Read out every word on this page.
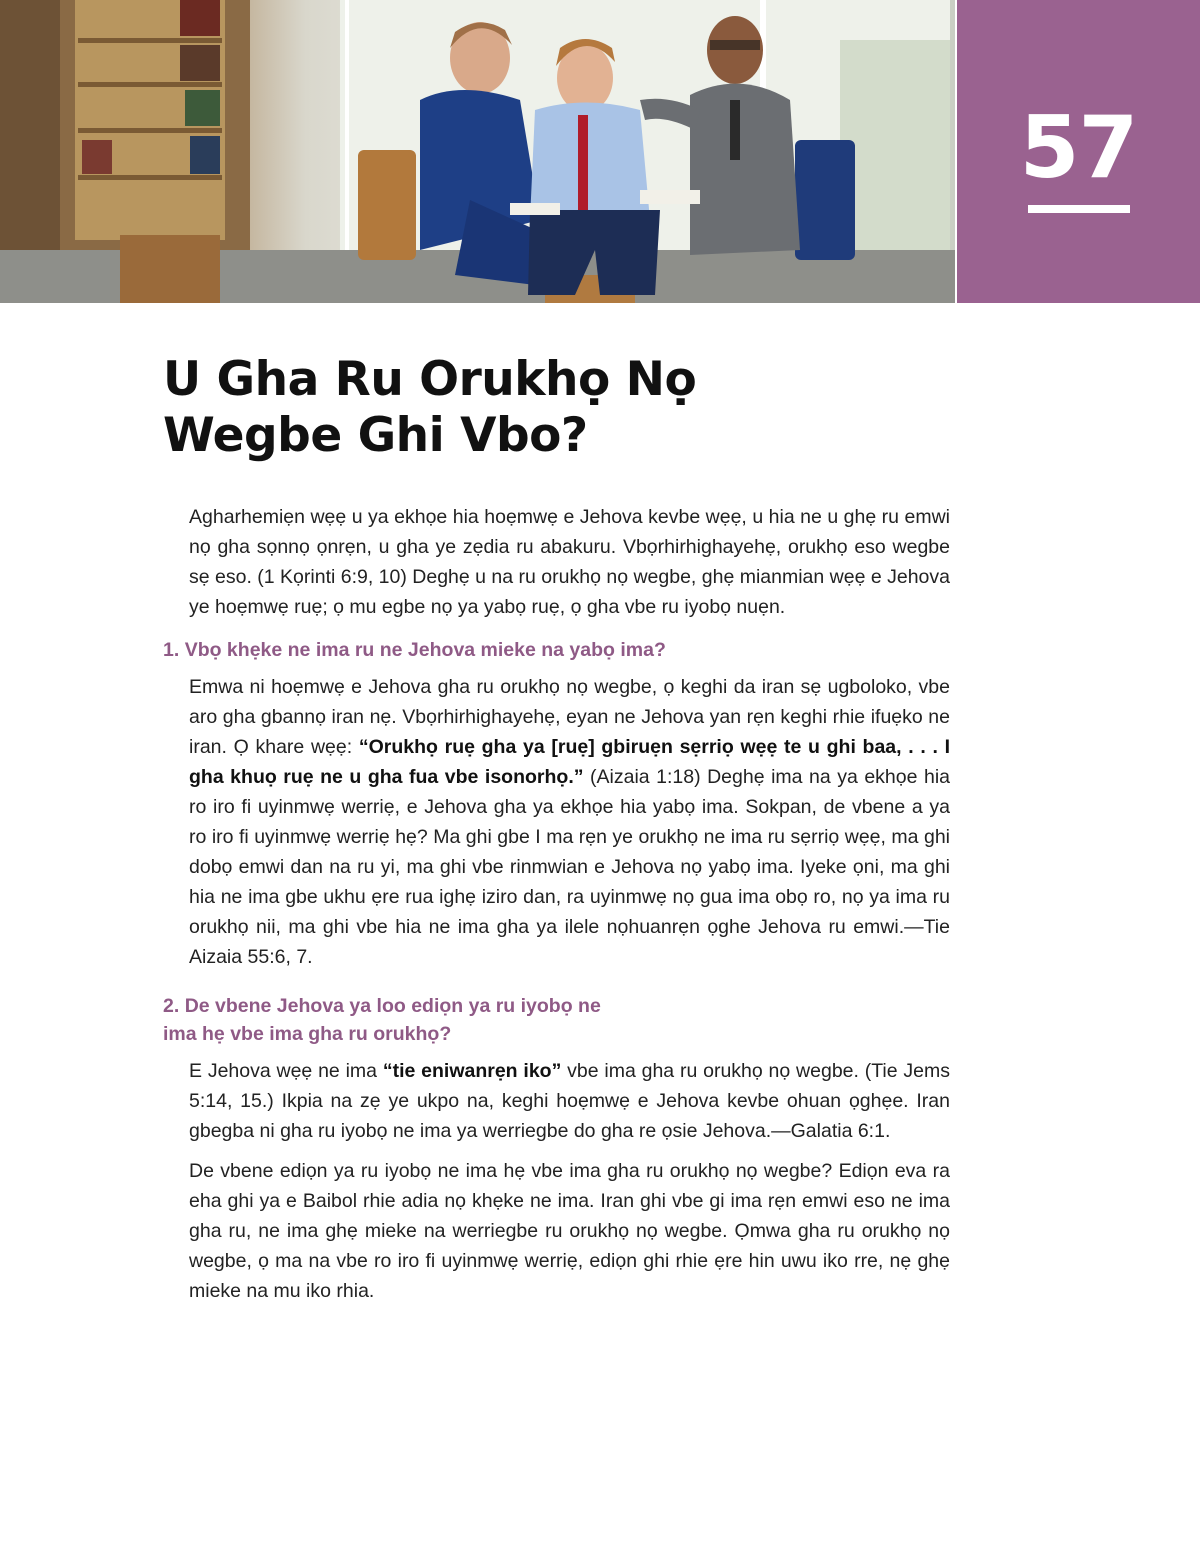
57
U Gha Ru Orukhọ Nọ
Wegbe Ghi Vbo?

Agharhemiẹn wẹẹ u ya ekhọe hia hoẹmwẹ e Jehova kevbe wẹẹ, u hia ne u ghẹ ru emwi nọ gha sọnnọ ọnrẹn, u gha ye zẹdia ru abakuru. Vbọrhirhighayehẹ, orukhọ eso wegbe sẹ eso. (1 Kọrinti 6:9, 10) Deghẹ u na ru orukhọ nọ wegbe, ghẹ mianmian wẹẹ e Jehova ye hoẹmwẹ ruẹ; ọ mu egbe nọ ya yabọ ruẹ, ọ gha vbe ru iyobọ nuẹn.

1. Vbọ khẹke ne ima ru ne Jehova mieke na yabọ ima?

Emwa ni hoẹmwẹ e Jehova gha ru orukhọ nọ wegbe, ọ keghi da iran sẹ ugboloko, vbe aro gha gbannọ iran nẹ. Vbọrhirhighayehẹ, eyan ne Jehova yan rẹn keghi rhie ifuẹko ne iran. Ọ khare wẹẹ: “Orukhọ ruẹ gha ya [ruẹ] gbiruẹn sẹrriọ wẹẹ te u ghi baa, . . . I gha khuọ ruẹ ne u gha fua vbe isonorhọ.” (Aizaia 1:18) Deghẹ ima na ya ekhọe hia ro iro fi uyinmwẹ werriẹ, e Jehova gha ya ekhọe hia yabọ ima. Sokpan, de vbene a ya ro iro fi uyinmwẹ werriẹ hẹ? Ma ghi gbe I ma rẹn ye orukhọ ne ima ru sẹrriọ wẹẹ, ma ghi dobọ emwi dan na ru yi, ma ghi vbe rinmwian e Jehova nọ yabọ ima. Iyeke ọni, ma ghi hia ne ima gbe ukhu ẹre rua ighẹ iziro dan, ra uyinmwẹ nọ gua ima obọ ro, nọ ya ima ru orukhọ nii, ma ghi vbe hia ne ima gha ya ilele nọhuanrẹn ọghe Jehova ru emwi.—Tie Aizaia 55:6, 7.

2. De vbene Jehova ya loo ediọn ya ru iyobọ ne
ima hẹ vbe ima gha ru orukhọ?

E Jehova wẹẹ ne ima “tie eniwanrẹn iko” vbe ima gha ru orukhọ nọ wegbe. (Tie Jems 5:14, 15.) Ikpia na zẹ ye ukpo na, keghi hoẹmwẹ e Jehova kevbe ohuan ọghẹe. Iran gbegba ni gha ru iyobọ ne ima ya werriegbe do gha re ọsie Jehova.—Galatia 6:1.

De vbene ediọn ya ru iyobọ ne ima hẹ vbe ima gha ru orukhọ nọ wegbe? Ediọn eva ra eha ghi ya e Baibol rhie adia nọ khẹke ne ima. Iran ghi vbe gi ima rẹn emwi eso ne ima gha ru, ne ima ghẹ mieke na werriegbe ru orukhọ nọ wegbe. Ọmwa gha ru orukhọ nọ wegbe, ọ ma na vbe ro iro fi uyinmwẹ werriẹ, ediọn ghi rhie ẹre hin uwu iko rre, nẹ ghẹ mieke na mu iko rhia.
